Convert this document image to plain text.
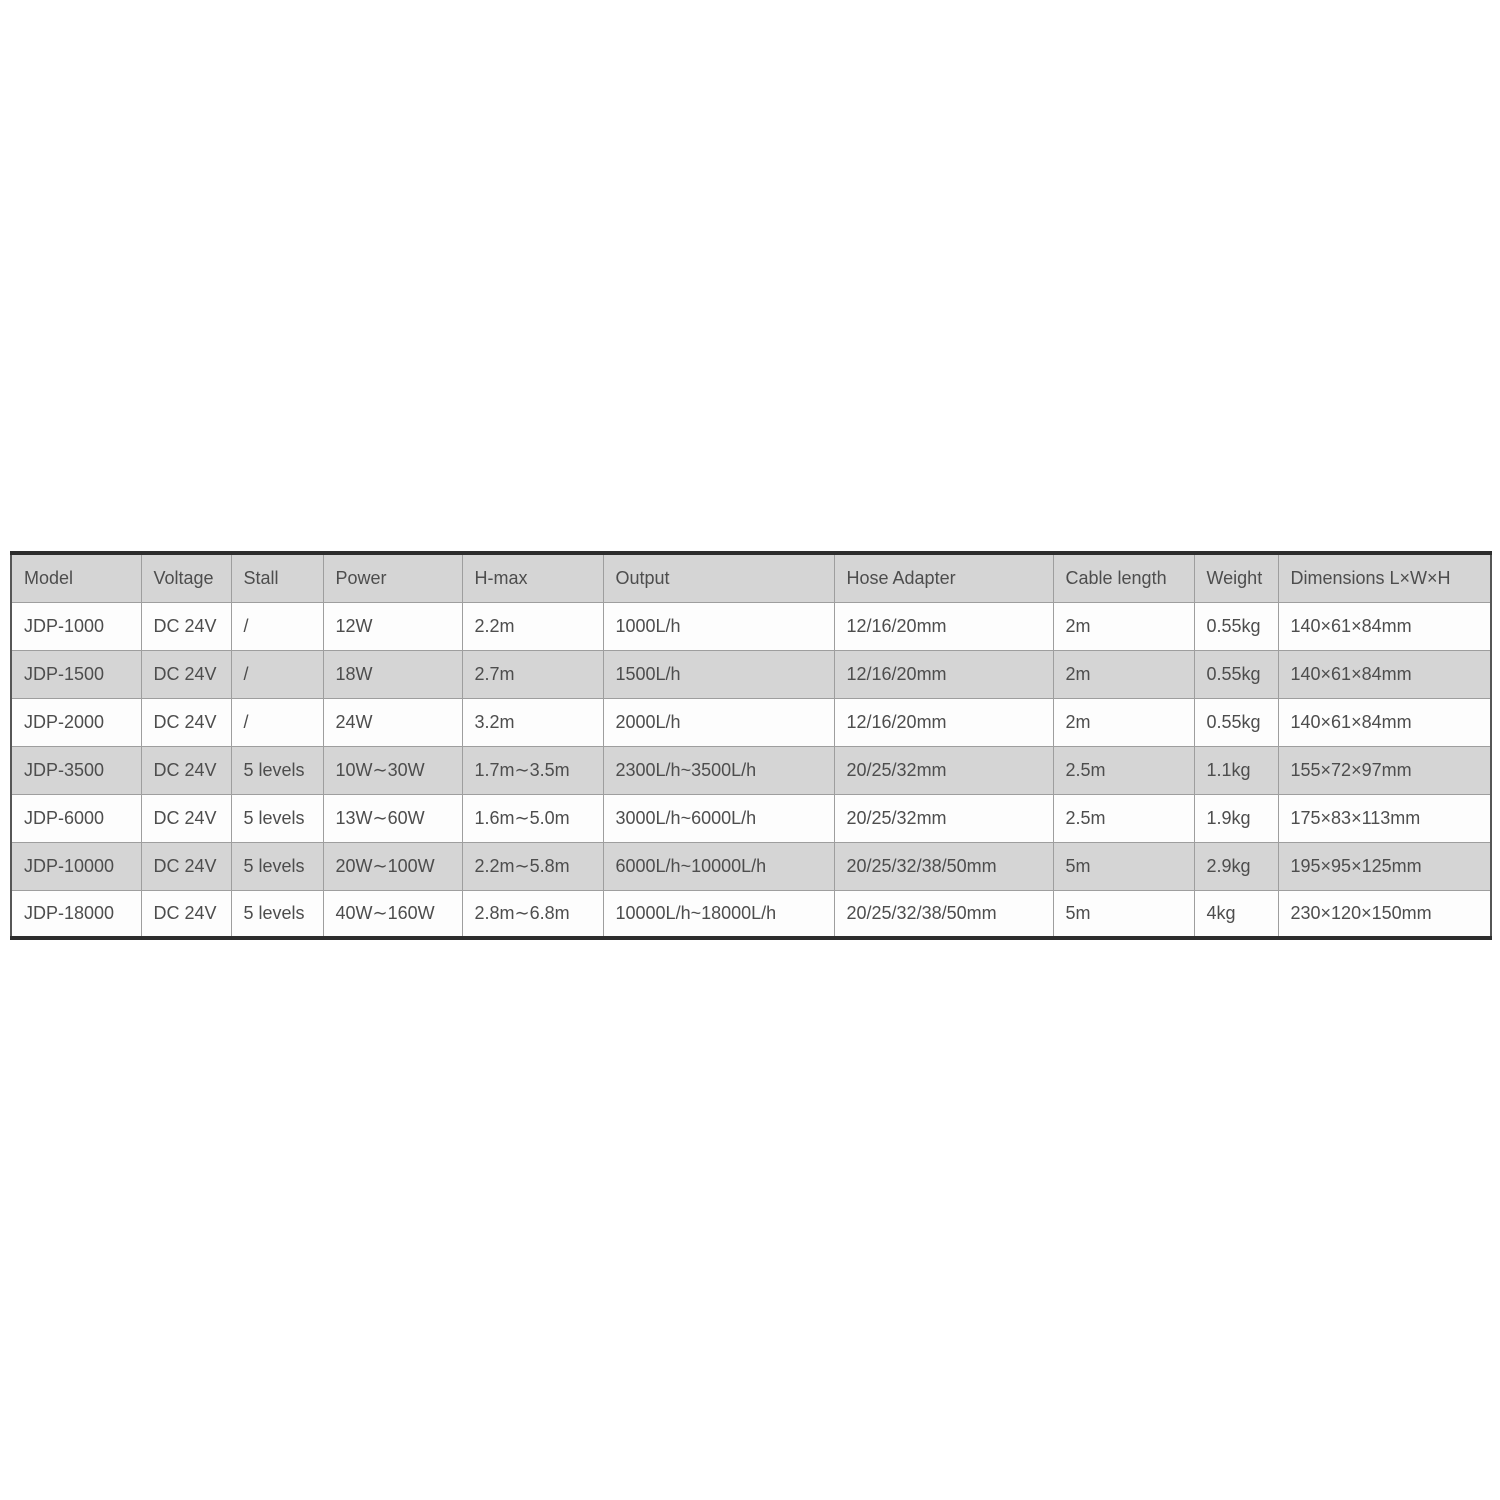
Model	Voltage	Stall	Power	H-max	Output	Hose Adapter	Cable length	Weight	Dimensions L×W×H
JDP-1000	DC 24V	/	12W	2.2m	1000L/h	12/16/20mm	2m	0.55kg	140×61×84mm
JDP-1500	DC 24V	/	18W	2.7m	1500L/h	12/16/20mm	2m	0.55kg	140×61×84mm
JDP-2000	DC 24V	/	24W	3.2m	2000L/h	12/16/20mm	2m	0.55kg	140×61×84mm
JDP-3500	DC 24V	5 levels	10W∼30W	1.7m∼3.5m	2300L/h~3500L/h	20/25/32mm	2.5m	1.1kg	155×72×97mm
JDP-6000	DC 24V	5 levels	13W∼60W	1.6m∼5.0m	3000L/h~6000L/h	20/25/32mm	2.5m	1.9kg	175×83×113mm
JDP-10000	DC 24V	5 levels	20W∼100W	2.2m∼5.8m	6000L/h~10000L/h	20/25/32/38/50mm	5m	2.9kg	195×95×125mm
JDP-18000	DC 24V	5 levels	40W∼160W	2.8m∼6.8m	10000L/h~18000L/h	20/25/32/38/50mm	5m	4kg	230×120×150mm
